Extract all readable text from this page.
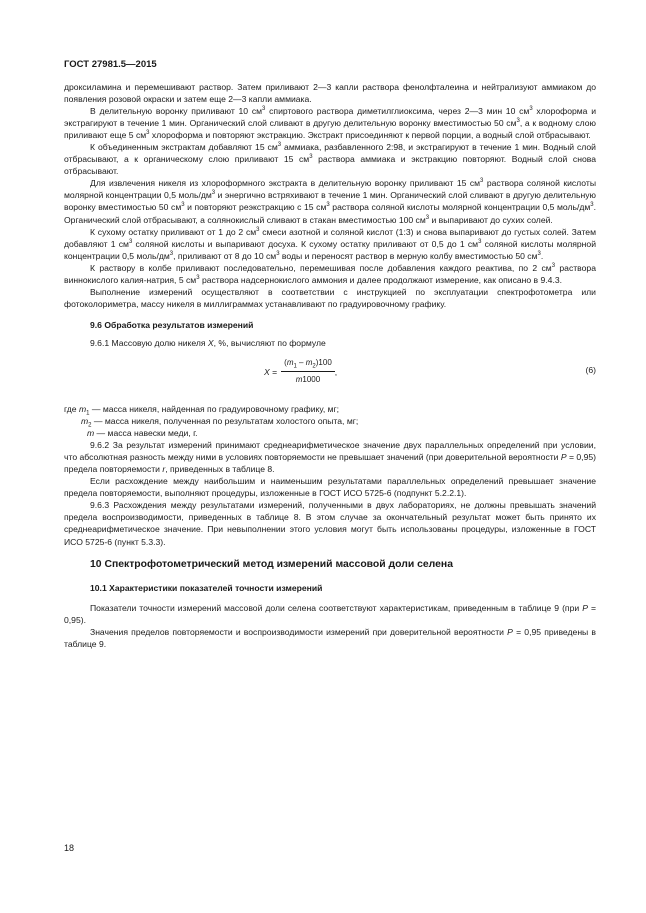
ГОСТ 27981.5—2015

дроксиламина и перемешивают раствор. Затем приливают 2—3 капли раствора фенолфталеина и нейтрализуют аммиаком до появления розовой окраски и затем еще 2—3 капли аммиака.

В делительную воронку приливают 10 $см^3$ спиртового раствора диметилглиоксима, через 2—3 мин 10 $см^3$ хлороформа и экстрагируют в течение 1 мин. Органический слой сливают в другую делительную воронку вместимостью 50 $см^3$, а к водному слою приливают еще 5 $см^3$ хлороформа и повторяют экстракцию. Экстракт присоединяют к первой порции, а водный слой отбрасывают.

К объединенным экстрактам добавляют 15 $см^3$ аммиака, разбавленного 2:98, и экстрагируют в течение 1 мин. Водный слой отбрасывают, а к органическому слою приливают 15 $см^3$ раствора аммиака и экстракцию повторяют. Водный слой снова отбрасывают.

Для извлечения никеля из хлороформного экстракта в делительную воронку приливают 15 $см^3$ раствора соляной кислоты молярной концентрации 0,5 моль/$дм^3$ и энергично встряхивают в течение 1 мин. Органический слой сливают в другую делительную воронку вместимостью 50 $см^3$ и повторяют реэкстракцию с 15 $см^3$ раствора соляной кислоты молярной концентрации 0,5 моль/$дм^3$. Органический слой отбрасывают, а солянокислый сливают в стакан вместимостью 100 $см^3$ и выпаривают до сухих солей.

К сухому остатку приливают от 1 до 2 $см^3$ смеси азотной и соляной кислот (1:3) и снова выпаривают до густых солей. Затем добавляют 1 $см^3$ соляной кислоты и выпаривают досуха. К сухому остатку приливают от 0,5 до 1 $см^3$ соляной кислоты молярной концентрации 0,5 моль/$дм^3$, приливают от 8 до 10 $см^3$ воды и переносят раствор в мерную колбу вместимостью 50 $см^3$.

К раствору в колбе приливают последовательно, перемешивая после добавления каждого реактива, по 2 $см^3$ раствора виннокислого калия-натрия, 5 $см^3$ раствора надсернокислого аммония и далее продолжают измерение, как описано в 9.4.3.

Выполнение измерений осуществляют в соответствии с инструкцией по эксплуатации спектрофотометра или фотоколориметра, массу никеля в миллиграммах устанавливают по градуировочному графику.

9.6 Обработка результатов измерений

9.6.1 Массовую долю никеля X, %, вычисляют по формуле

$X = \frac{(m_1 - m_2)100}{m1000}$ ,	(6)

где $m_1$ — масса никеля, найденная по градуировочному графику, мг;

$m_2$ — масса никеля, полученная по результатам холостого опыта, мг;

m — масса навески меди, г.

9.6.2 За результат измерений принимают среднеарифметическое значение двух параллельных определений при условии, что абсолютная разность между ними в условиях повторяемости не превышает значений (при доверительной вероятности P = 0,95) предела повторяемости r, приведенных в таблице 8.

Если расхождение между наибольшим и наименьшим результатами параллельных определений превышает значение предела повторяемости, выполняют процедуры, изложенные в ГОСТ ИСО 5725-6 (подпункт 5.2.2.1).

9.6.3 Расхождения между результатами измерений, полученными в двух лабораториях, не должны превышать значений предела воспроизводимости, приведенных в таблице 8. В этом случае за окончательный результат может быть принято их среднеарифметическое значение. При невыполнении этого условия могут быть использованы процедуры, изложенные в ГОСТ ИСО 5725-6 (пункт 5.3.3).

10 Спектрофотометрический метод измерений массовой доли селена

10.1 Характеристики показателей точности измерений

Показатели точности измерений массовой доли селена соответствуют характеристикам, приведенным в таблице 9 (при P = 0,95).

Значения пределов повторяемости и воспроизводимости измерений при доверительной вероятности P = 0,95 приведены в таблице 9.

18
